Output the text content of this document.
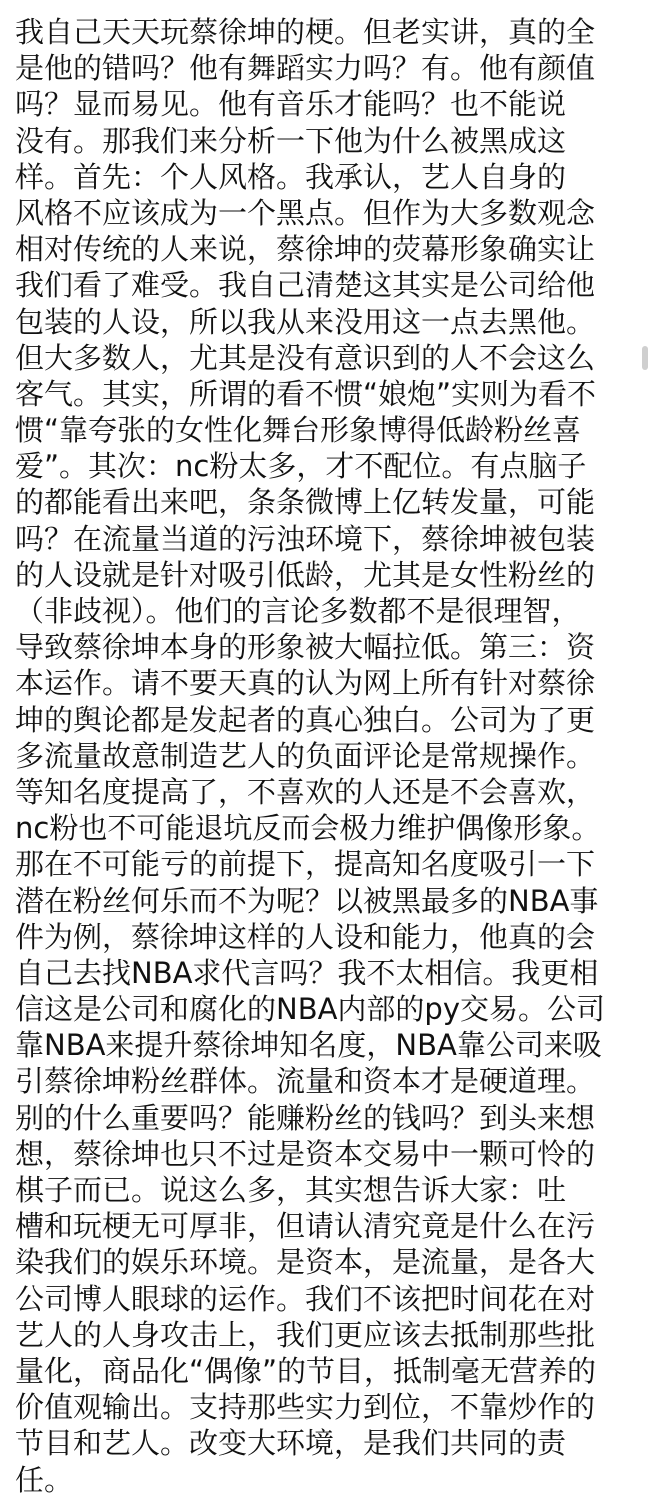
我自己天天玩蔡徐坤的梗。但老实讲，真的全
是他的错吗？他有舞蹈实力吗？有。他有颜值
吗？显而易见。他有音乐才能吗？也不能说
没有。那我们来分析一下他为什么被黑成这
样。首先：个人风格。我承认，艺人自身的
风格不应该成为一个黑点。但作为大多数观念
相对传统的人来说，蔡徐坤的荧幕形象确实让
我们看了难受。我自己清楚这其实是公司给他
包装的人设，所以我从来没用这一点去黑他。
但大多数人，尤其是没有意识到的人不会这么
客气。其实，所谓的看不惯“娘炮”实则为看不
惯“靠夸张的女性化舞台形象博得低龄粉丝喜
爱”。其次：nc粉太多，才不配位。有点脑子
的都能看出来吧，条条微博上亿转发量，可能
吗？在流量当道的污浊环境下，蔡徐坤被包装
的人设就是针对吸引低龄，尤其是女性粉丝的
（非歧视）。他们的言论多数都不是很理智，
导致蔡徐坤本身的形象被大幅拉低。第三：资
本运作。请不要天真的认为网上所有针对蔡徐
坤的舆论都是发起者的真心独白。公司为了更
多流量故意制造艺人的负面评论是常规操作。
等知名度提高了，不喜欢的人还是不会喜欢，
nc粉也不可能退坑反而会极力维护偶像形象。
那在不可能亏的前提下，提高知名度吸引一下
潜在粉丝何乐而不为呢？以被黑最多的NBA事
件为例，蔡徐坤这样的人设和能力，他真的会
自己去找NBA求代言吗？我不太相信。我更相
信这是公司和腐化的NBA内部的py交易。公司
靠NBA来提升蔡徐坤知名度，NBA靠公司来吸
引蔡徐坤粉丝群体。流量和资本才是硬道理。
别的什么重要吗？能赚粉丝的钱吗？到头来想
想，蔡徐坤也只不过是资本交易中一颗可怜的
棋子而已。说这么多，其实想告诉大家：吐
槽和玩梗无可厚非，但请认清究竟是什么在污
染我们的娱乐环境。是资本，是流量，是各大
公司博人眼球的运作。我们不该把时间花在对
艺人的人身攻击上，我们更应该去抵制那些批
量化，商品化“偶像”的节目，抵制毫无营养的
价值观输出。支持那些实力到位，不靠炒作的
节目和艺人。改变大环境，是我们共同的责
任。
